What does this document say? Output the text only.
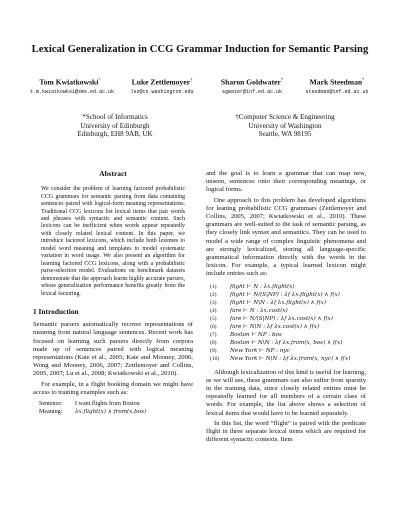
Lexical Generalization in CCG Grammar Induction for Semantic Parsing
Tom Kwiatkowski*
t.m.kwiatkowksi@sms.ed.ac.uk
Luke Zettlemoyer†
lsz@cs.washington.edu
Sharon Goldwater*
sgwater@inf.ed.ac.uk
Mark Steedman*
steedman@inf.ed.ac.uk
*School of Informatics
University of Edinburgh
Edinburgh, EH8 9AB, UK
†Computer Science & Engineering
University of Washington
Seattle, WA 98195
Abstract
We consider the problem of learning factored probabilistic CCG grammars for semantic parsing from data containing sentences paired with logical-form meaning representations. Traditional CCG lexicons list lexical items that pair words and phrases with syntactic and semantic content. Such lexicons can be inefficient when words appear repeatedly with closely related lexical content. In this paper, we introduce factored lexicons, which include both lexemes to model word meaning and templates to model systematic variation in word usage. We also present an algorithm for learning factored CCG lexicons, along with a probabilistic parse-selection model. Evaluations on benchmark datasets demonstrate that the approach learns highly accurate parsers, whose generalization performance benefits greatly from the lexical factoring.
1 Introduction
Semantic parsers automatically recover representations of meaning from natural language sentences. Recent work has focused on learning such parsers directly from corpora made up of sentences paired with logical meaning representations (Kate et al., 2005; Kate and Mooney, 2006; Wong and Mooney, 2006, 2007; Zettlemoyer and Collins, 2005, 2007; Lu et al., 2008; Kwiatkowski et al., 2010).
For example, in a flight booking domain we might have access to training examples such as:
Sentence:	I want flights from Boston
Meaning:	λx.flight(x) ∧ from(x,bos)
and the goal is to learn a grammar that can map new, unseen, sentences onto their corresponding meanings, or logical forms.
One approach to this problem has developed algorithms for leaning probabilistic CCG grammars (Zettlemoyer and Collins, 2005, 2007; Kwiatkowski et al., 2010). These grammars are well-suited to the task of semantic parsing, as they closely link syntax and semantics. They can be used to model a wide range of complex linguistic phenomena and are strongly lexicalized, storing all language-specific grammatical information directly with the words in the lexicon. For example, a typical learned lexicon might include entries such as:
(1)	flight ⊢ N : λx.flight(x)
(2)	flight ⊢ N/(S|NP) : λf λx.flight(x) ∧ f(x)
(3)	flight ⊢ N\N : λf λx.flight(x) ∧ f(x)
(4)	fare ⊢ N : λx.cost(x)
(5)	fare ⊢ N/(S|NP) : λf λx.cost(x) ∧ f(x)
(6)	fare ⊢ N\N : λf λx.cost(x) ∧ f(x)
(7)	Boston ⊢ NP : bos
(8)	Boston ⊢ N\N : λf λx.from(x, bos) ∧ f(x)
(9)	New York ⊢ NP : nyc
(10)	New York ⊢ N\N : λf λx.from(x, nyc) ∧ f(x)
Although lexicalization of this kind is useful for learning, as we will see, these grammars can also suffer from sparsity in the training data, since closely related entries must be repeatedly learned for all members of a certain class of words. For example, the list above shows a selection of lexical items that would have to be learned separately.
In this list, the word “flight” is paired with the predicate flight in three separate lexical items which are required for different syntactic contexts. Item
